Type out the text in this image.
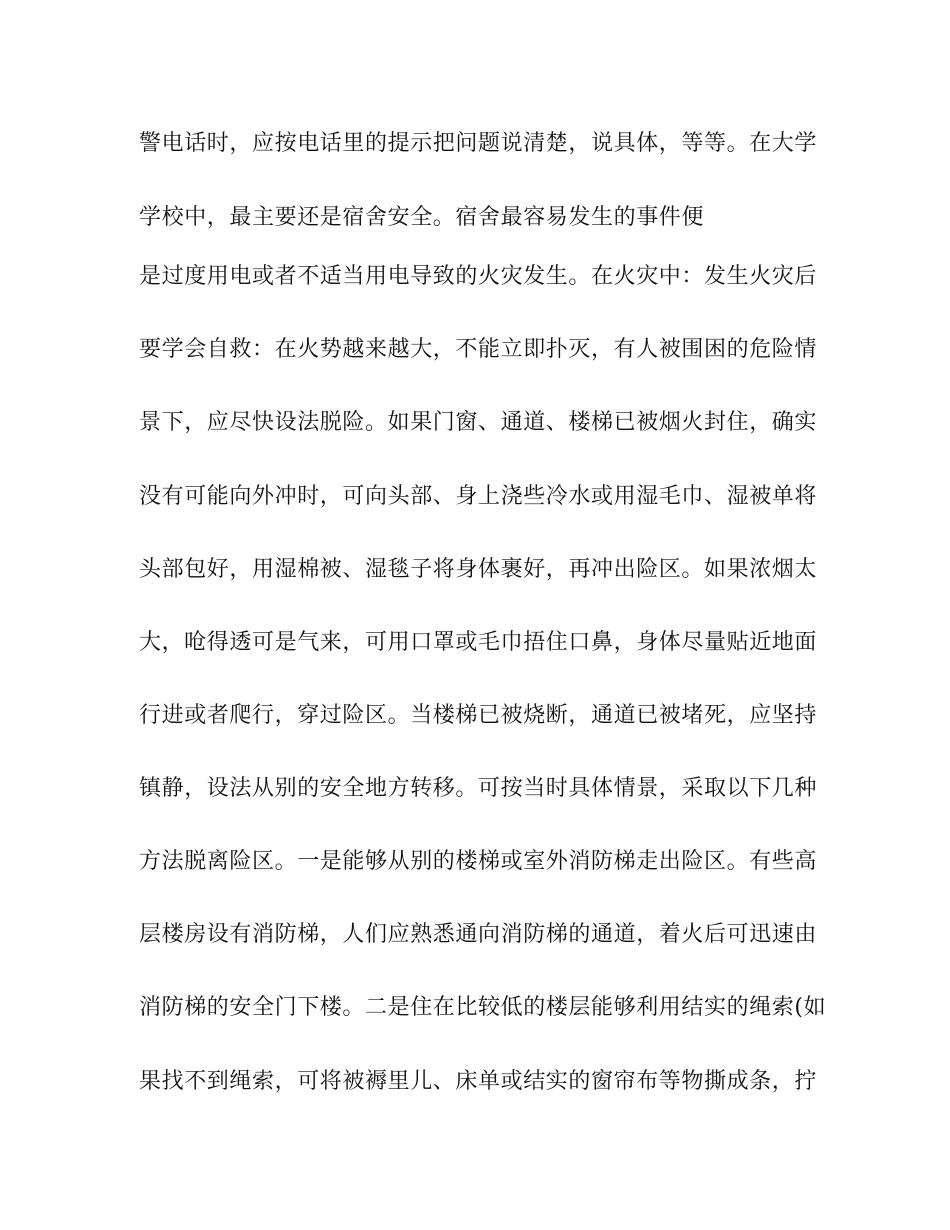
警电话时，应按电话里的提示把问题说清楚，说具体，等等。在大学
学校中，最主要还是宿舍安全。宿舍最容易发生的事件便
是过度用电或者不适当用电导致的火灾发生。在火灾中：发生火灾后
要学会自救：在火势越来越大，不能立即扑灭，有人被围困的危险情
景下，应尽快设法脱险。如果门窗、通道、楼梯已被烟火封住，确实
没有可能向外冲时，可向头部、身上浇些冷水或用湿毛巾、湿被单将
头部包好，用湿棉被、湿毯子将身体裹好，再冲出险区。如果浓烟太
大，呛得透可是气来，可用口罩或毛巾捂住口鼻，身体尽量贴近地面
行进或者爬行，穿过险区。当楼梯已被烧断，通道已被堵死，应坚持
镇静，设法从别的安全地方转移。可按当时具体情景，采取以下几种
方法脱离险区。一是能够从别的楼梯或室外消防梯走出险区。有些高
层楼房设有消防梯，人们应熟悉通向消防梯的通道，着火后可迅速由
消防梯的安全门下楼。二是住在比较低的楼层能够利用结实的绳索(如
果找不到绳索，可将被褥里儿、床单或结实的窗帘布等物撕成条，拧
